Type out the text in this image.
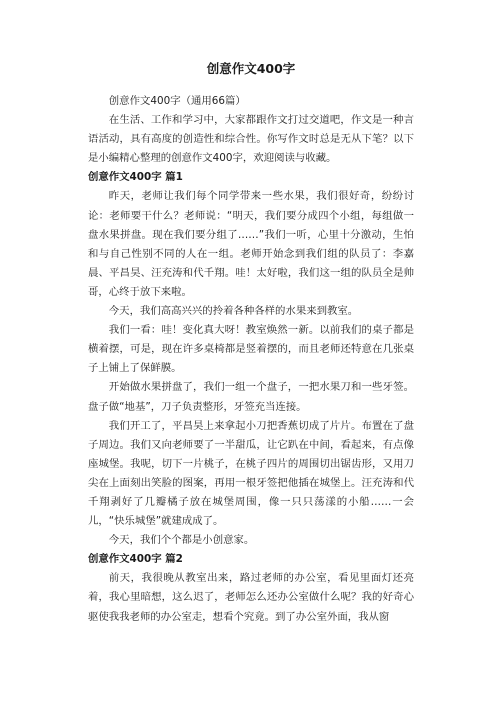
创意作文400字

创意作文400字（通用66篇）

在生活、工作和学习中，大家都跟作文打过交道吧，作文是一种言语活动，具有高度的创造性和综合性。你写作文时总是无从下笔？以下是小编精心整理的创意作文400字，欢迎阅读与收藏。

创意作文400字 篇1

昨天，老师让我们每个同学带来一些水果，我们很好奇，纷纷讨论：老师要干什么？老师说：“明天，我们要分成四个小组，每组做一盘水果拼盘。现在我们要分组了……”我们一听，心里十分激动，生怕和与自己性别不同的人在一组。老师开始念到我们组的队员了：李嘉晨、平昌昊、汪充涛和代千翔。哇！太好啦，我们这一组的队员全是帅哥，心终于放下来啦。

今天，我们高高兴兴的拎着各种各样的水果来到教室。

我们一看：哇！变化真大呀！教室焕然一新。以前我们的桌子都是横着摆，可是，现在许多桌椅都是竖着摆的，而且老师还特意在几张桌子上铺上了保鲜膜。

开始做水果拼盘了，我们一组一个盘子，一把水果刀和一些牙签。盘子做“地基”，刀子负责整形，牙签充当连接。

我们开工了，平昌昊上来拿起小刀把香蕉切成了片片。布置在了盘子周边。我们又向老师要了一半甜瓜，让它趴在中间，看起来，有点像座城堡。我呢，切下一片桃子，在桃子四片的周围切出锯齿形，又用刀尖在上面刻出笑脸的图案，再用一根牙签把他插在城堡上。汪充涛和代千翔剥好了几瓣橘子放在城堡周围，像一只只荡漾的小船……一会儿，“快乐城堡”就建成成了。

今天，我们个个都是小创意家。

创意作文400字 篇2

前天，我很晚从教室出来，路过老师的办公室，看见里面灯还亮着，我心里暗想，这么迟了，老师怎么还办公室做什么呢？我的好奇心驱使我我老师的办公室走，想看个究竟。到了办公室外面，我从窗
